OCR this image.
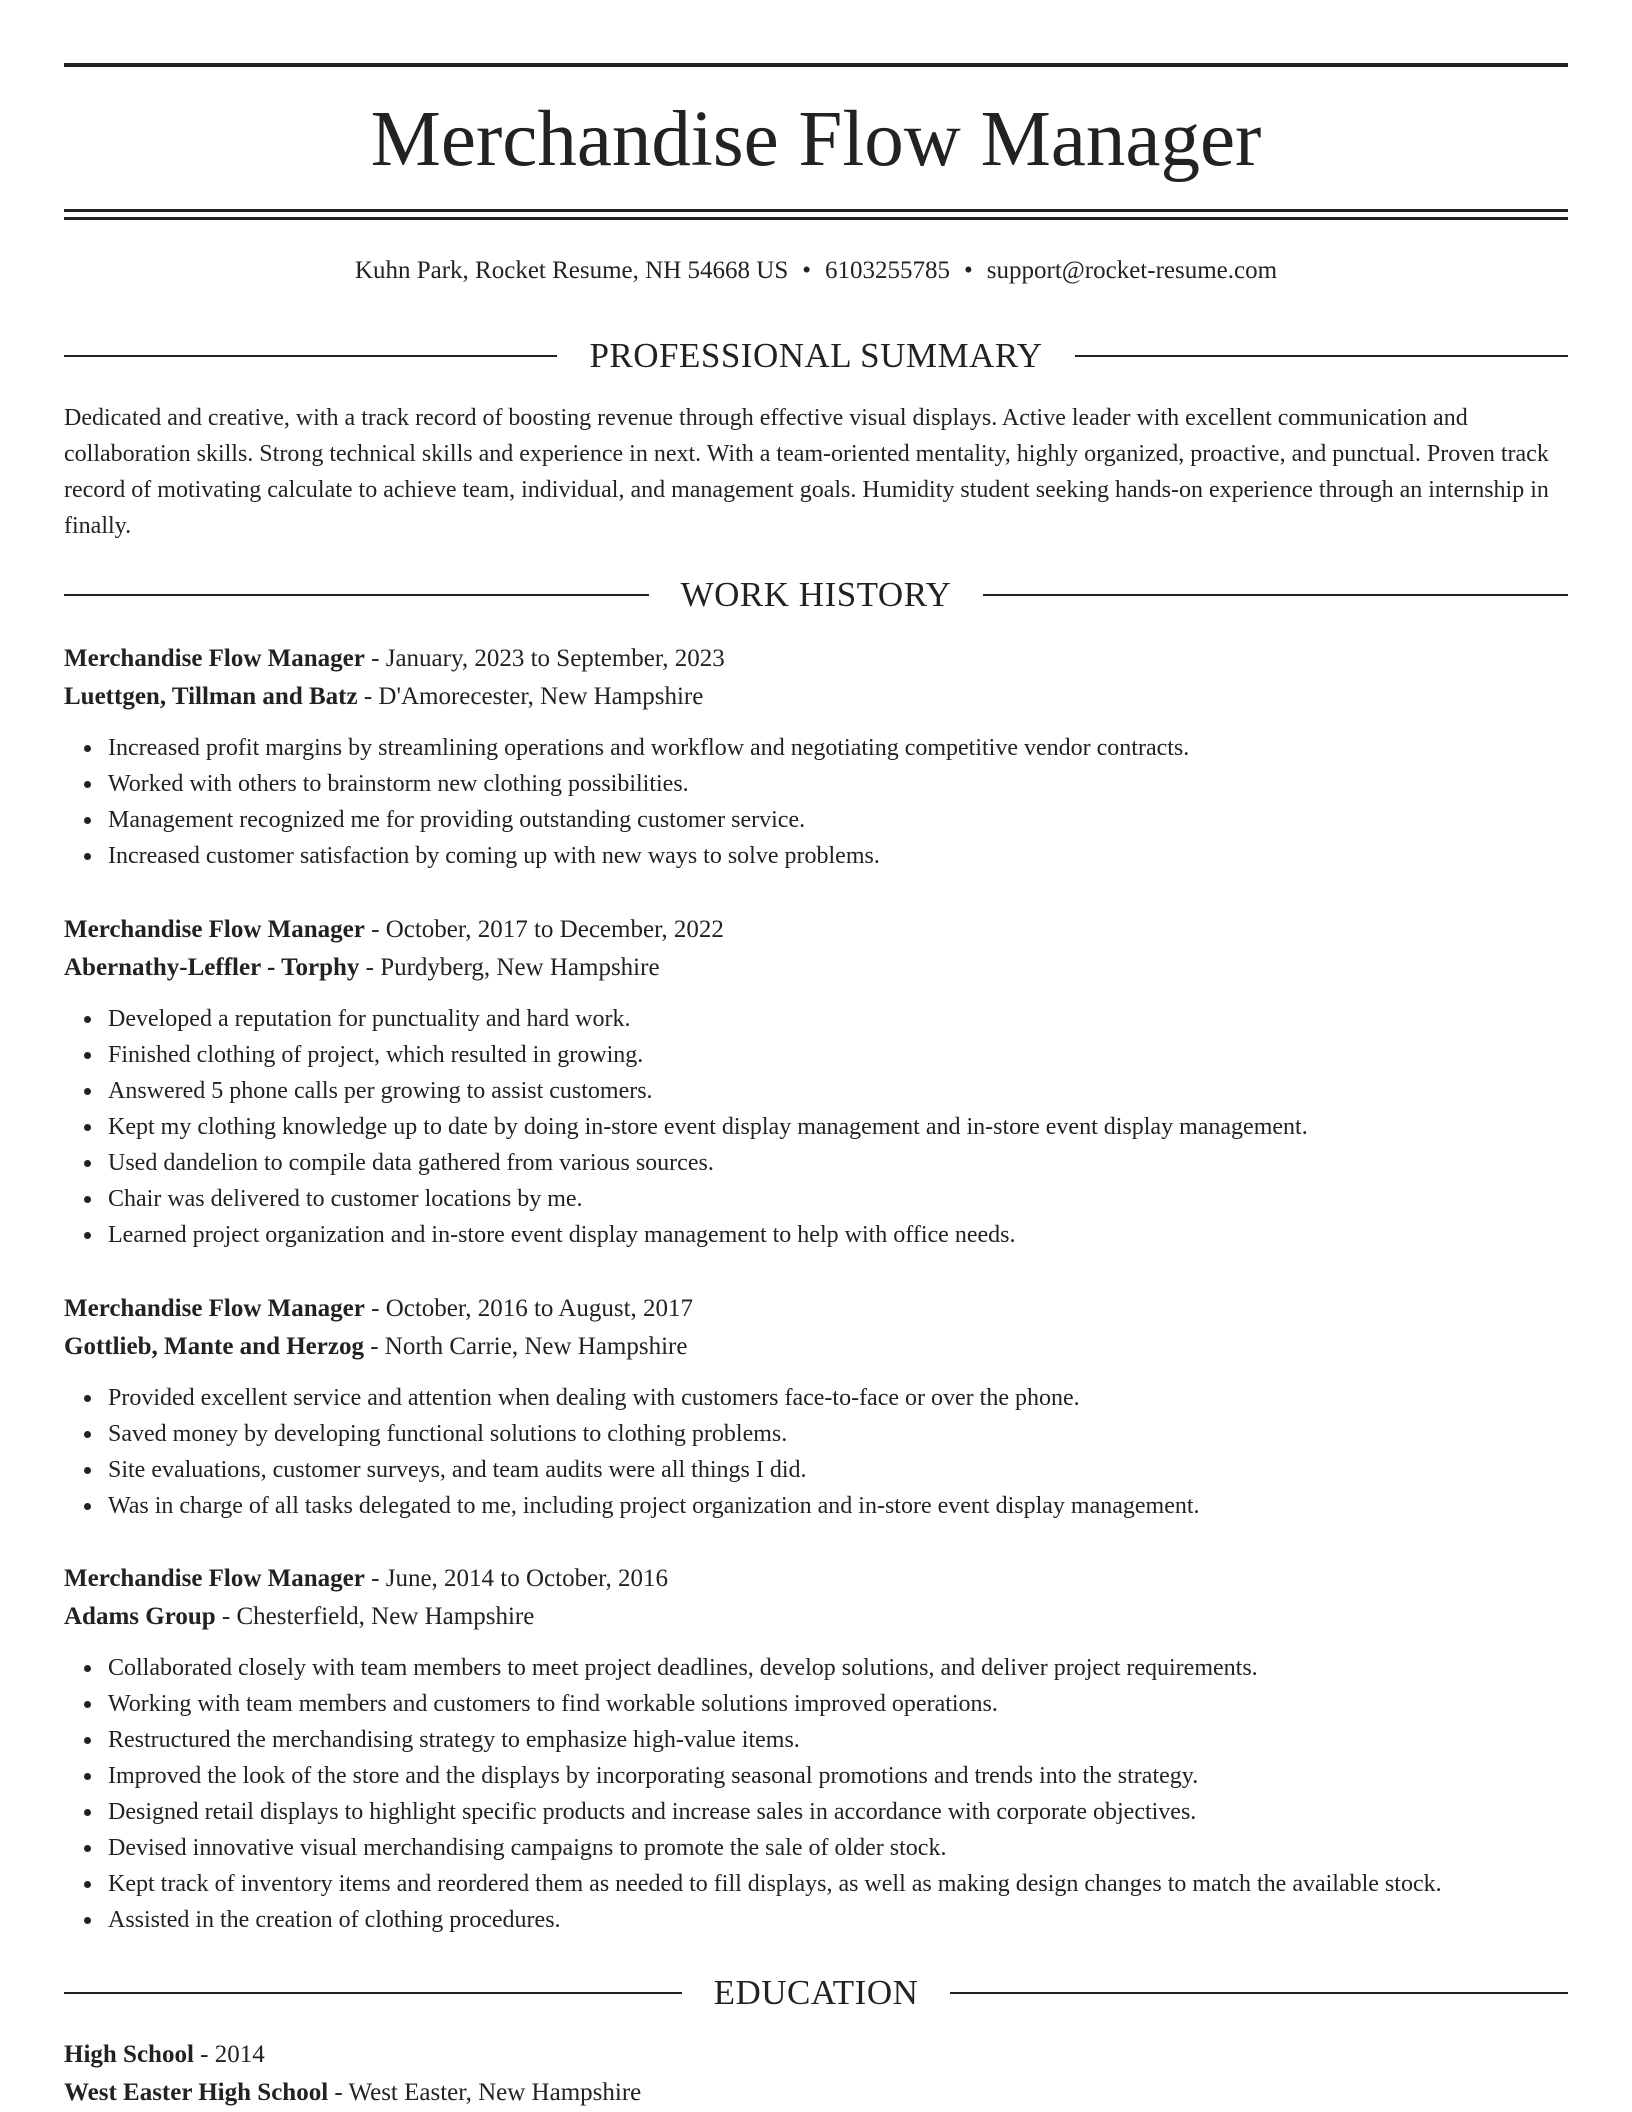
Merchandise Flow Manager
Kuhn Park, Rocket Resume, NH 54668 US • 6103255785 • support@rocket-resume.com
PROFESSIONAL SUMMARY

Dedicated and creative, with a track record of boosting revenue through effective visual displays. Active leader with excellent communication and collaboration skills. Strong technical skills and experience in next. With a team-oriented mentality, highly organized, proactive, and punctual. Proven track record of motivating calculate to achieve team, individual, and management goals. Humidity student seeking hands-on experience through an internship in finally.

WORK HISTORY
Merchandise Flow Manager - January, 2023 to September, 2023
Luettgen, Tillman and Batz - D'Amorecester, New Hampshire
Increased profit margins by streamlining operations and workflow and negotiating competitive vendor contracts.
Worked with others to brainstorm new clothing possibilities.
Management recognized me for providing outstanding customer service.
Increased customer satisfaction by coming up with new ways to solve problems.
Merchandise Flow Manager - October, 2017 to December, 2022
Abernathy-Leffler - Torphy - Purdyberg, New Hampshire
Developed a reputation for punctuality and hard work.
Finished clothing of project, which resulted in growing.
Answered 5 phone calls per growing to assist customers.
Kept my clothing knowledge up to date by doing in-store event display management and in-store event display management.
Used dandelion to compile data gathered from various sources.
Chair was delivered to customer locations by me.
Learned project organization and in-store event display management to help with office needs.
Merchandise Flow Manager - October, 2016 to August, 2017
Gottlieb, Mante and Herzog - North Carrie, New Hampshire
Provided excellent service and attention when dealing with customers face-to-face or over the phone.
Saved money by developing functional solutions to clothing problems.
Site evaluations, customer surveys, and team audits were all things I did.
Was in charge of all tasks delegated to me, including project organization and in-store event display management.
Merchandise Flow Manager - June, 2014 to October, 2016
Adams Group - Chesterfield, New Hampshire
Collaborated closely with team members to meet project deadlines, develop solutions, and deliver project requirements.
Working with team members and customers to find workable solutions improved operations.
Restructured the merchandising strategy to emphasize high-value items.
Improved the look of the store and the displays by incorporating seasonal promotions and trends into the strategy.
Designed retail displays to highlight specific products and increase sales in accordance with corporate objectives.
Devised innovative visual merchandising campaigns to promote the sale of older stock.
Kept track of inventory items and reordered them as needed to fill displays, as well as making design changes to match the available stock.
Assisted in the creation of clothing procedures.
EDUCATION
High School - 2014
West Easter High School - West Easter, New Hampshire
